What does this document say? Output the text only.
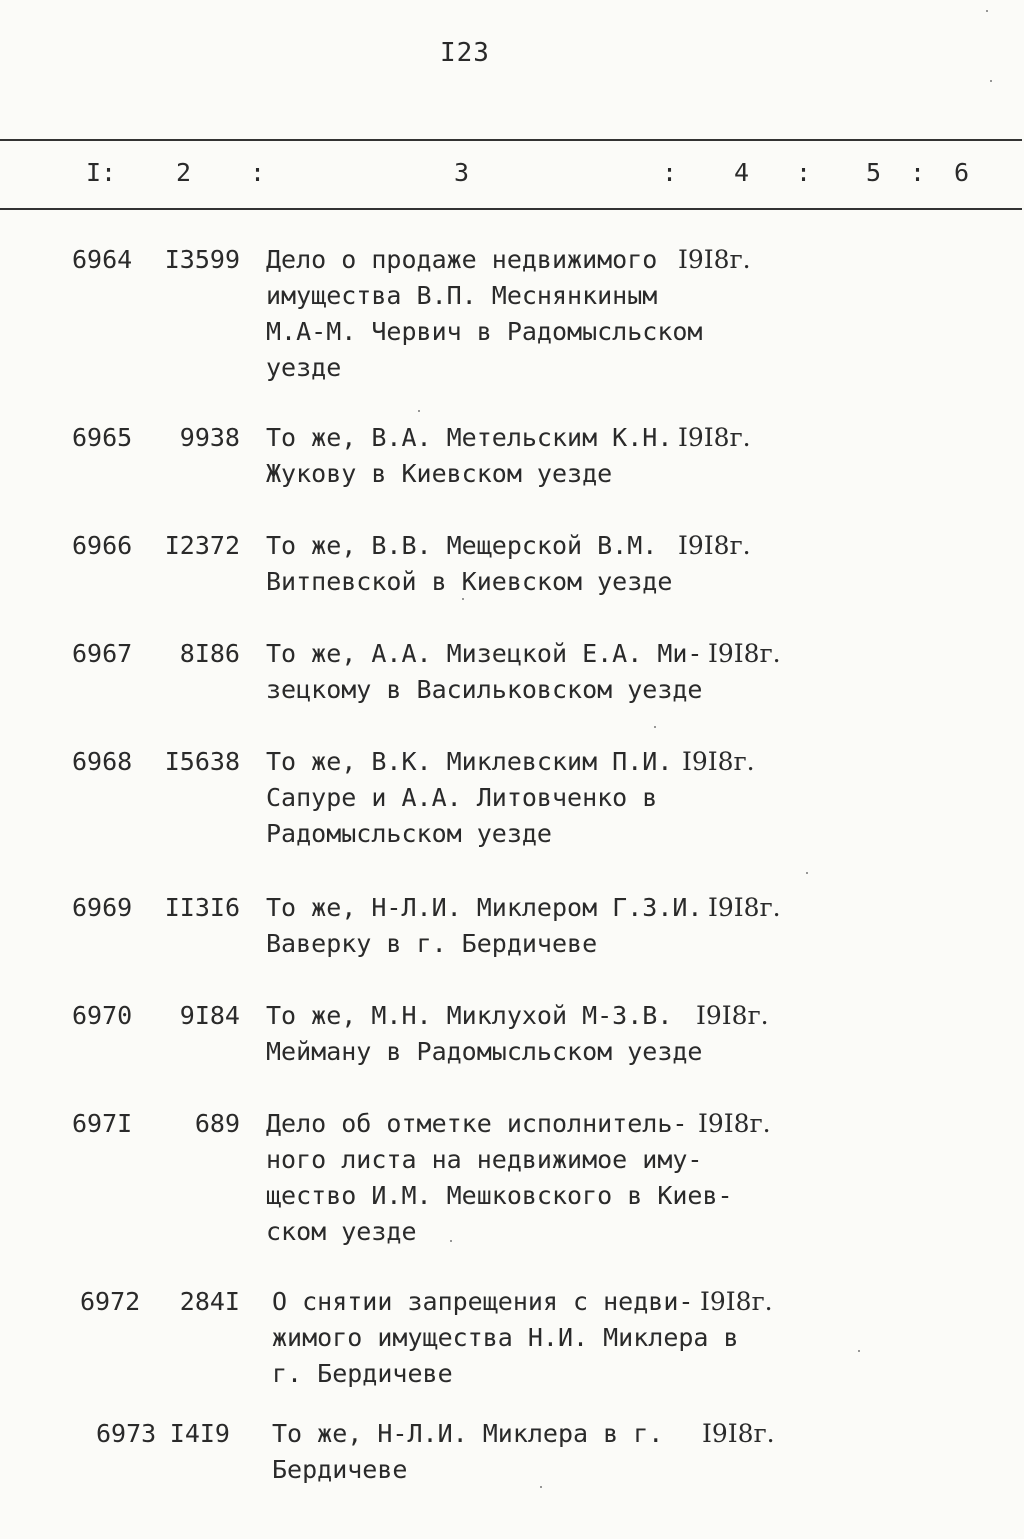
I23
I: 2 :	3	: 4 : 5 : 6
6964	I3599 Дело о продаже недвижимого
имущества В.П. Меснянкиным
М.А-М. Червич в Радомысльском
уезде
I9I8г.
6965	9938 То же, В.А. Метельским К.Н.
Жукову в Киевском уезде
I9I8г.
6966	I2372 То же, В.В. Мещерской В.М.
Витпевской в Киевском уезде
I9I8г.
6967	8I86 То же, А.А. Мизецкой Е.А. Ми-
зецкому в Васильковском уезде
I9I8г.
6968	I5638 То же, В.К. Миклевским П.И.
Сапуре и А.А. Литовченко в
Радомысльском уезде
I9I8г.
6969	II3I6 То же, Н-Л.И. Миклером Г.З.И.
Ваверку в г. Бердичеве
I9I8г.
6970	9I84 То же, М.Н. Миклухой М-З.В.
Мейману в Радомысльском уезде
I9I8г.
697I	689 Дело об отметке исполнитель-
ного листа на недвижимое иму-
щество И.М. Мешковского в Киев-
ском уезде
I9I8г.
6972	284I О снятии запрещения с недви-
жимого имущества Н.И. Миклера в
г. Бердичеве
I9I8г.
6973 I4I9 То же, Н-Л.И. Миклера в г.
Бердичеве
I9I8г.
